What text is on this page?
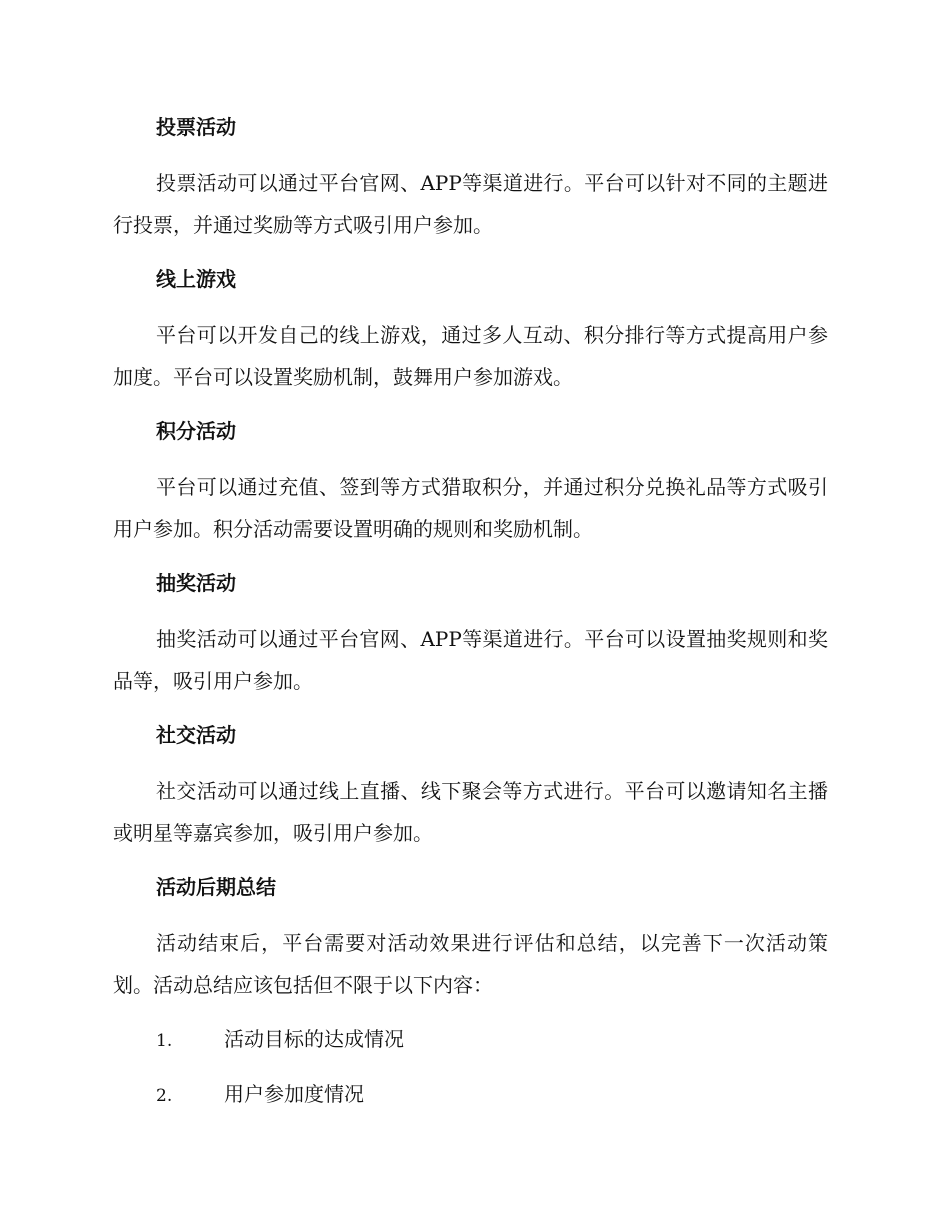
投票活动
投票活动可以通过平台官网、APP等渠道进行。平台可以针对不同的主题进行投票，并通过奖励等方式吸引用户参加。
线上游戏
平台可以开发自己的线上游戏，通过多人互动、积分排行等方式提高用户参加度。平台可以设置奖励机制，鼓舞用户参加游戏。
积分活动
平台可以通过充值、签到等方式猎取积分，并通过积分兑换礼品等方式吸引用户参加。积分活动需要设置明确的规则和奖励机制。
抽奖活动
抽奖活动可以通过平台官网、APP等渠道进行。平台可以设置抽奖规则和奖品等，吸引用户参加。
社交活动
社交活动可以通过线上直播、线下聚会等方式进行。平台可以邀请知名主播或明星等嘉宾参加，吸引用户参加。
活动后期总结
活动结束后，平台需要对活动效果进行评估和总结，以完善下一次活动策划。活动总结应该包括但不限于以下内容：
1.	活动目标的达成情况
2.	用户参加度情况
